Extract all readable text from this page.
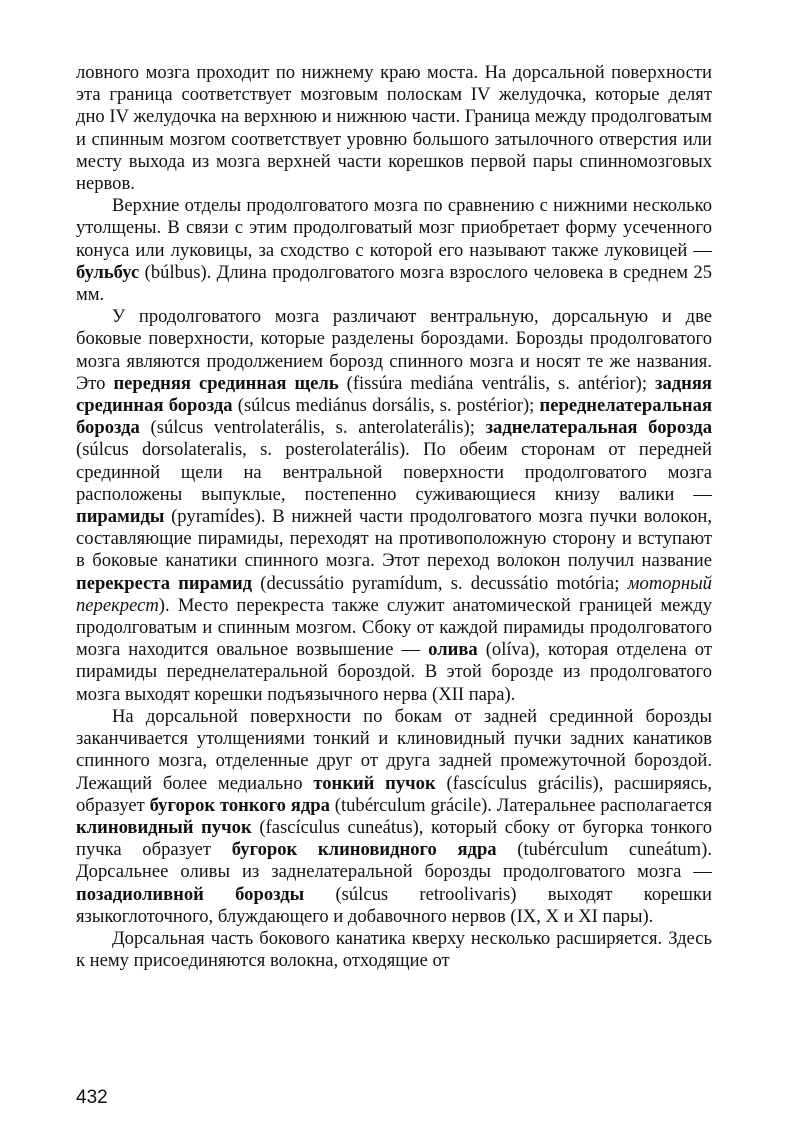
ловного мозга проходит по нижнему краю моста. На дорсальной поверхности эта граница соответствует мозговым полоскам IV желудочка, которые делят дно IV желудочка на верхнюю и нижнюю части. Граница между продолговатым и спинным мозгом соответствует уровню большого затылочного отверстия или месту выхода из мозга верхней части корешков первой пары спинномозговых нервов.

Верхние отделы продолговатого мозга по сравнению с нижними несколько утолщены. В связи с этим продолговатый мозг приобретает форму усеченного конуса или луковицы, за сходство с которой его называют также луковицей — бульбус (búlbus). Длина продолговатого мозга взрослого человека в среднем 25 мм.

У продолговатого мозга различают вентральную, дорсальную и две боковые поверхности, которые разделены бороздами. Борозды продолговатого мозга являются продолжением борозд спинного мозга и носят те же названия. Это передняя срединная щель (fissúra mediána ventrális, s. antérior); задняя срединная борозда (súlcus mediánus dorsális, s. postérior); переднелатеральная борозда (súlcus ventrolaterális, s. anterolaterális); заднелатеральная борозда (súlcus dorsolateralis, s. posterolaterális). По обеим сторонам от передней срединной щели на вентральной поверхности продолговатого мозга расположены выпуклые, постепенно суживающиеся книзу валики — пирамиды (pyramídes). В нижней части продолговатого мозга пучки волокон, составляющие пирамиды, переходят на противоположную сторону и вступают в боковые канатики спинного мозга. Этот переход волокон получил название перекреста пирамид (decussátio pyramídum, s. decussátio motória; моторный перекрест). Место перекреста также служит анатомической границей между продолговатым и спинным мозгом. Сбоку от каждой пирамиды продолговатого мозга находится овальное возвышение — олива (olíva), которая отделена от пирамиды переднелатеральной бороздой. В этой борозде из продолговатого мозга выходят корешки подъязычного нерва (XII пара).

На дорсальной поверхности по бокам от задней срединной борозды заканчивается утолщениями тонкий и клиновидный пучки задних канатиков спинного мозга, отделенные друг от друга задней промежуточной бороздой. Лежащий более медиально тонкий пучок (fascículus grácilis), расширяясь, образует бугорок тонкого ядра (tubérculum grácile). Латеральнее располагается клиновидный пучок (fascículus cuneátus), который сбоку от бугорка тонкого пучка образует бугорок клиновидного ядра (tubérculum cuneátum). Дорсальнее оливы из заднелатеральной борозды продолговатого мозга — позадиоливной борозды (súlcus retroolivaris) выходят корешки языкоглоточного, блуждающего и добавочного нервов (IX, X и XI пары).

Дорсальная часть бокового канатика кверху несколько расширяется. Здесь к нему присоединяются волокна, отходящие от

432
